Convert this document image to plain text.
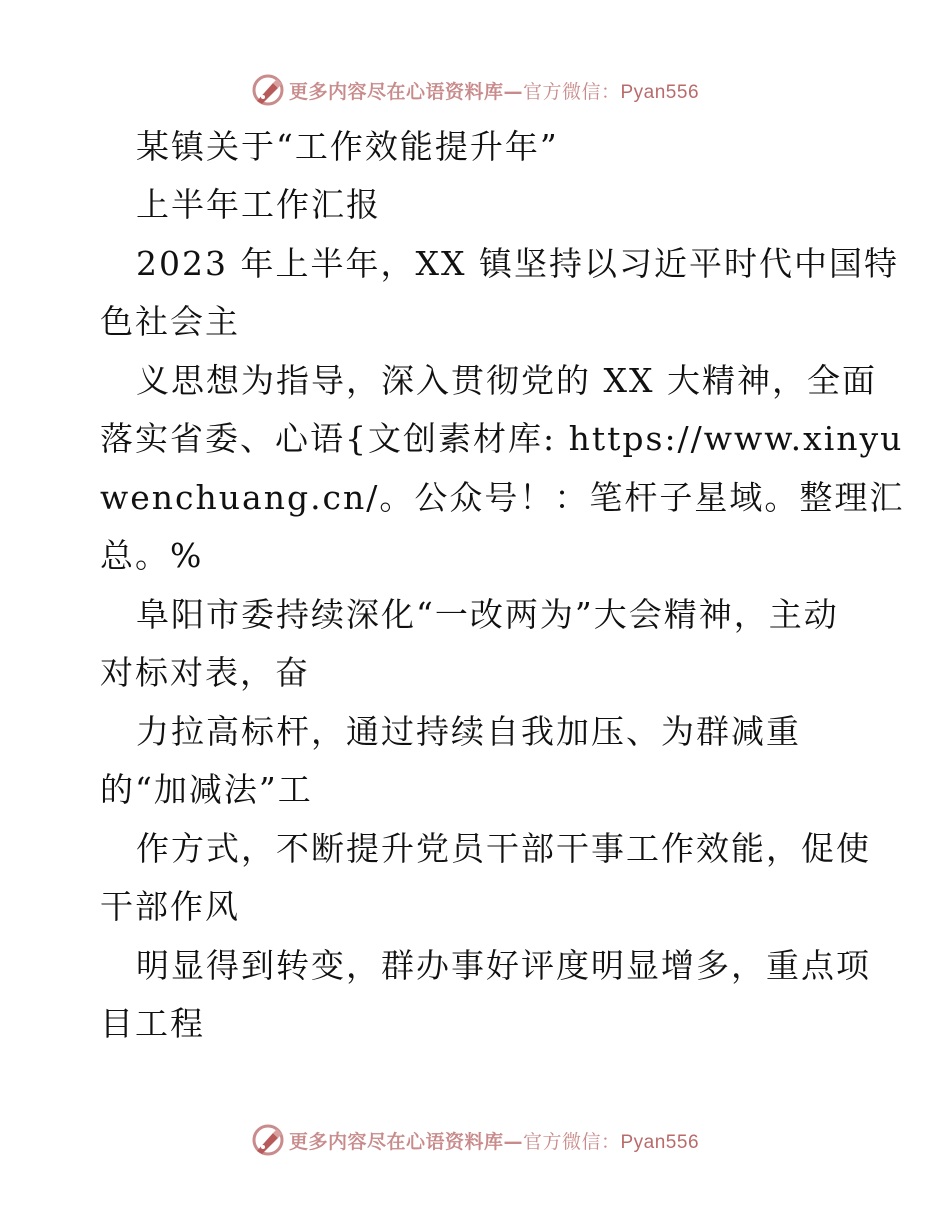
更多内容尽在心语资料库—官方微信：Pyan556
某镇关于“工作效能提升年”
上半年工作汇报
2023 年上半年，XX 镇坚持以习近平时代中国特
色社会主
义思想为指导，深入贯彻党的 XX 大精神，全面
落实省委、心语{文创素材库: https://www.xinyu
wenchuang.cn/。公众号！：笔杆子星域。整理汇
总。%
阜阳市委持续深化“一改两为”大会精神，主动
对标对表，奋
力拉高标杆，通过持续自我加压、为群减重
的“加减法”工
作方式，不断提升党员干部干事工作效能，促使
干部作风
明显得到转变，群办事好评度明显增多，重点项
目工程
更多内容尽在心语资料库—官方微信：Pyan556
